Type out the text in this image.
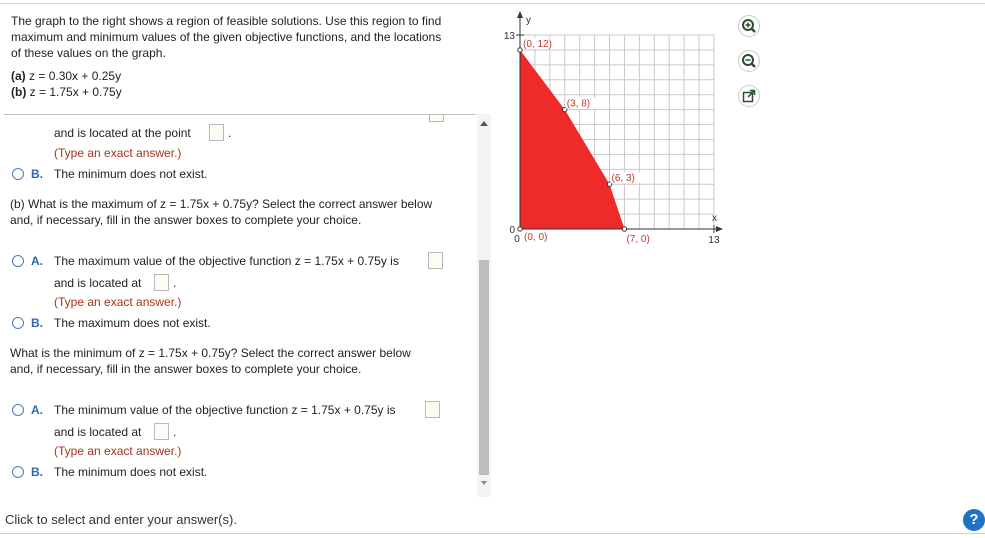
The graph to the right shows a region of feasible solutions. Use this region to find
maximum and minimum values of the given objective functions, and the locations
of these values on the graph.
(a) z = 0.30x + 0.25y
(b) z = 1.75x + 0.75y
and is located at the point	.
(Type an exact answer.)
B. The minimum does not exist.
(b) What is the maximum of z = 1.75x + 0.75y? Select the correct answer below
and, if necessary, fill in the answer boxes to complete your choice.
A. The maximum value of the objective function z = 1.75x + 0.75y is
and is located at	.
(Type an exact answer.)
B. The maximum does not exist.
What is the minimum of z = 1.75x + 0.75y? Select the correct answer below
and, if necessary, fill in the answer boxes to complete your choice.
A. The minimum value of the objective function z = 1.75x + 0.75y is
and is located at	.
(Type an exact answer.)
B. The minimum does not exist.
(0, 12)
(3, 8)
(6, 3)
(7, 0)
(0, 0)
y
x
13
0
0	13
Click to select and enter your answer(s).	?
